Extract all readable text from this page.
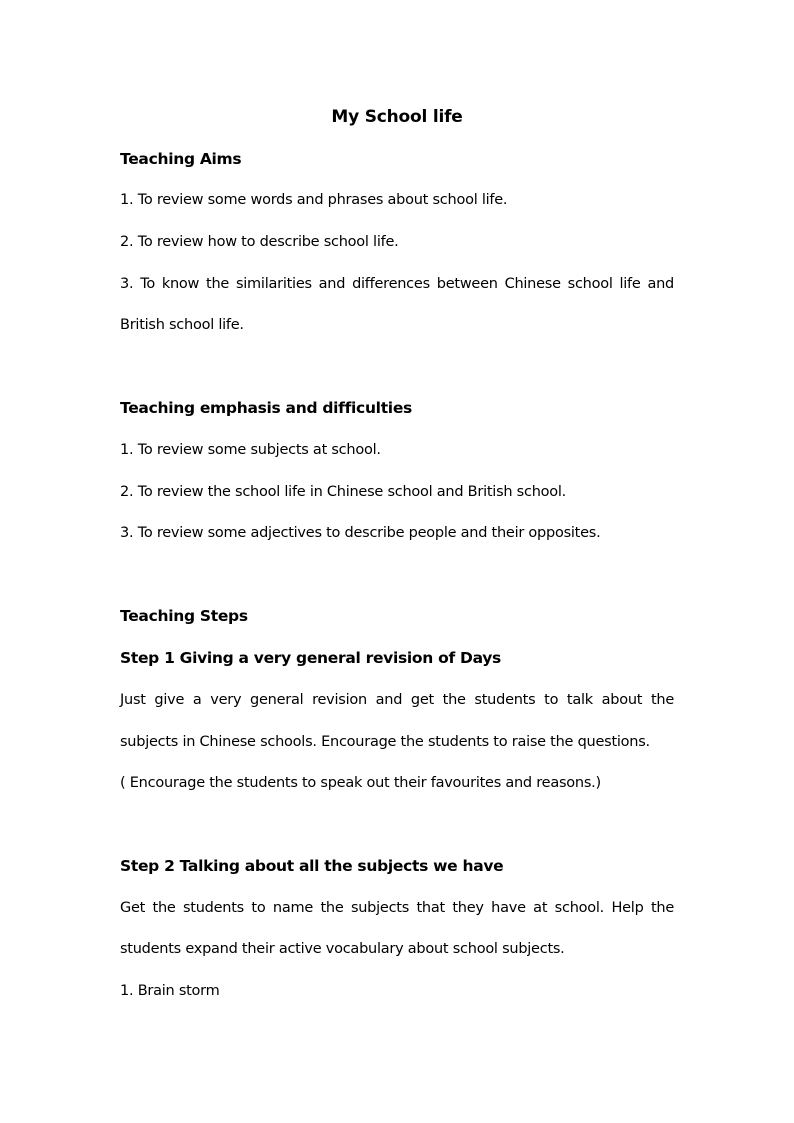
My School life
Teaching Aims
1. To review some words and phrases about school life.
2. To review how to describe school life.
3. To know the similarities and differences between Chinese school life and
British school life.
Teaching emphasis and difficulties
1. To review some subjects at school.
2. To review the school life in Chinese school and British school.
3. To review some adjectives to describe people and their opposites.
Teaching Steps
Step 1 Giving a very general revision of Days
Just give a very general revision and get the students to talk about the
subjects in Chinese schools. Encourage the students to raise the questions.
( Encourage the students to speak out their favourites and reasons.)
Step 2 Talking about all the subjects we have
Get the students to name the subjects that they have at school. Help the
students expand their active vocabulary about school subjects.
1. Brain storm
